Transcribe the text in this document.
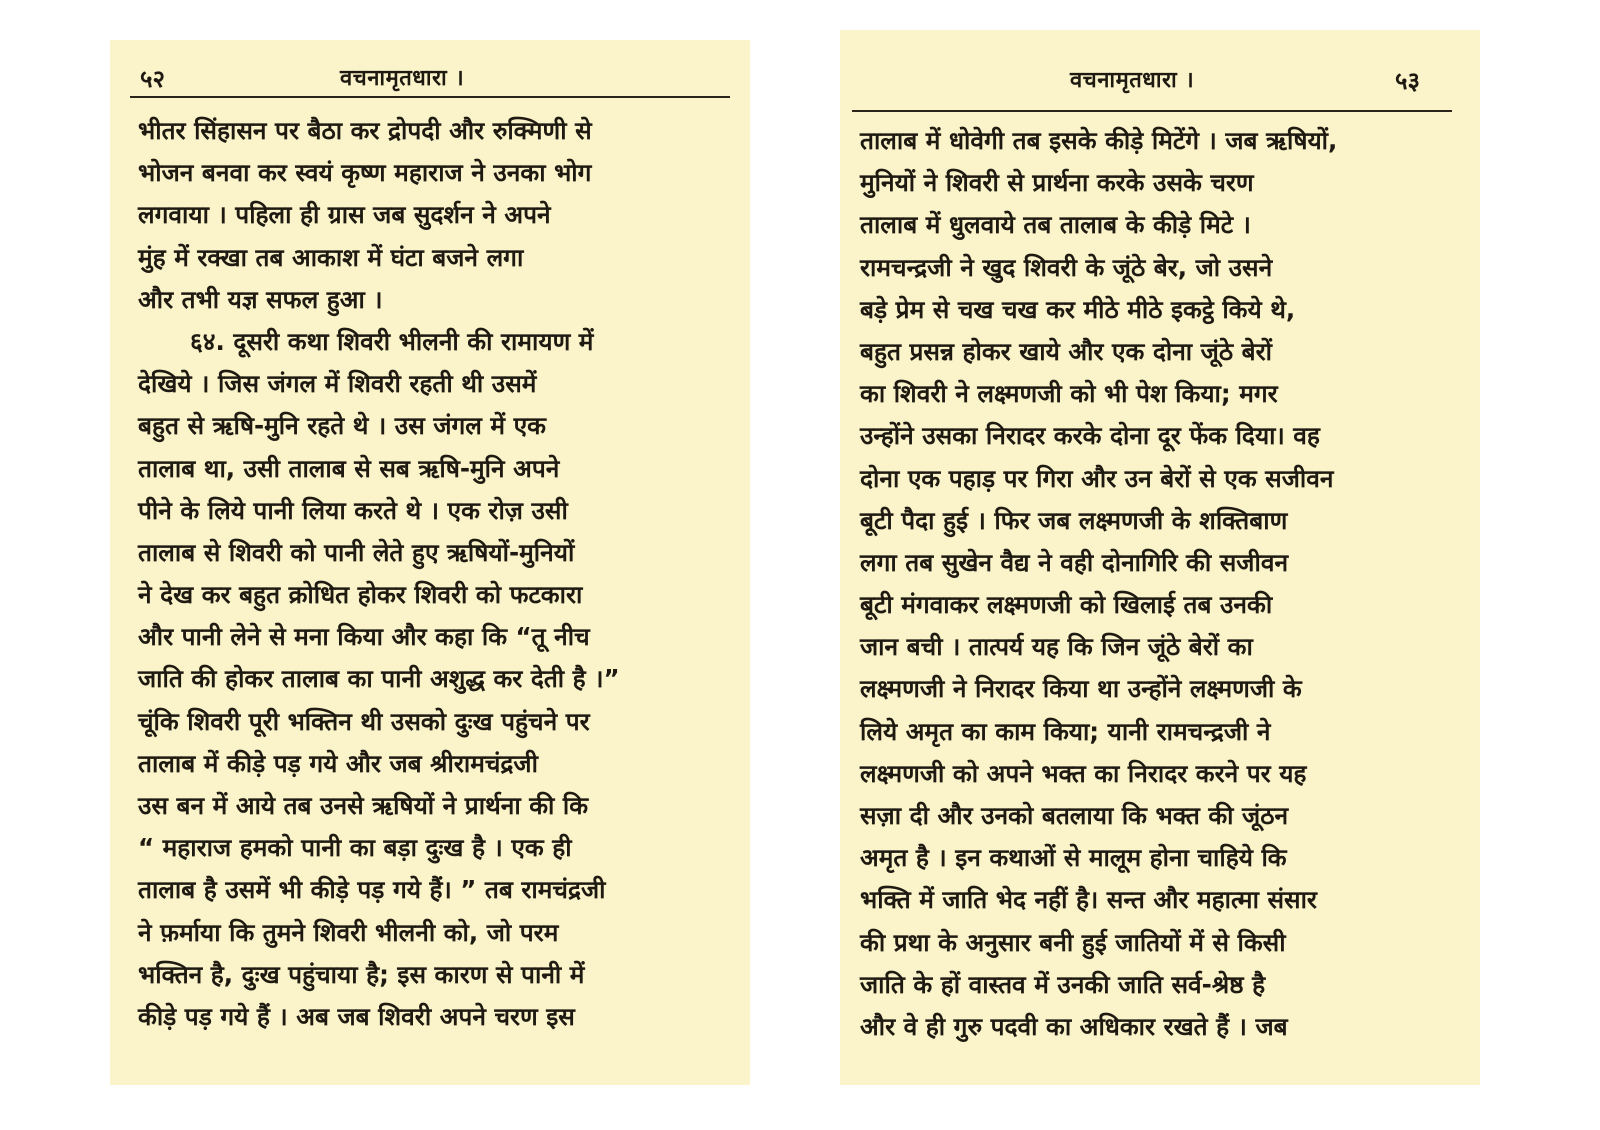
५२	वचनामृतधारा ।
भीतर सिंहासन पर बैठा कर द्रोपदी और रुक्मिणी से
भोजन बनवा कर स्वयं कृष्ण महाराज ने उनका भोग
लगवाया । पहिला ही ग्रास जब सुदर्शन ने अपने
मुंह में रक्खा तब आकाश में घंटा बजने लगा
और तभी यज्ञ सफल हुआ ।
६४. दूसरी कथा शिवरी भीलनी की रामायण में
देखिये । जिस जंगल में शिवरी रहती थी उसमें
बहुत से ऋषि-मुनि रहते थे । उस जंगल में एक
तालाब था, उसी तालाब से सब ऋषि-मुनि अपने
पीने के लिये पानी लिया करते थे । एक रोज़ उसी
तालाब से शिवरी को पानी लेते हुए ऋषियों-मुनियों
ने देख कर बहुत क्रोधित होकर शिवरी को फटकारा
और पानी लेने से मना किया और कहा कि “तू नीच
जाति की होकर तालाब का पानी अशुद्ध कर देती है ।”
चूंकि शिवरी पूरी भक्तिन थी उसको दुःख पहुंचने पर
तालाब में कीड़े पड़ गये और जब श्रीरामचंद्रजी
उस बन में आये तब उनसे ऋषियों ने प्रार्थना की कि
“ महाराज हमको पानी का बड़ा दुःख है । एक ही
तालाब है उसमें भी कीड़े पड़ गये हैं। ” तब रामचंद्रजी
ने फ़र्माया कि तुमने शिवरी भीलनी को, जो परम
भक्तिन है, दुःख पहुंचाया है; इस कारण से पानी में
कीड़े पड़ गये हैं । अब जब शिवरी अपने चरण इस
वचनामृतधारा ।	५३
तालाब में धोवेगी तब इसके कीड़े मिटेंगे । जब ऋषियों,
मुनियों ने शिवरी से प्रार्थना करके उसके चरण
तालाब में धुलवाये तब तालाब के कीड़े मिटे ।
रामचन्द्रजी ने खुद शिवरी के जूंठे बेर, जो उसने
बड़े प्रेम से चख चख कर मीठे मीठे इकट्ठे किये थे,
बहुत प्रसन्न होकर खाये और एक दोना जूंठे बेरों
का शिवरी ने लक्ष्मणजी को भी पेश किया; मगर
उन्होंने उसका निरादर करके दोना दूर फेंक दिया। वह
दोना एक पहाड़ पर गिरा और उन बेरों से एक सजीवन
बूटी पैदा हुई । फिर जब लक्ष्मणजी के शक्तिबाण
लगा तब सुखेन वैद्य ने वही दोनागिरि की सजीवन
बूटी मंगवाकर लक्ष्मणजी को खिलाई तब उनकी
जान बची । तात्पर्य यह कि जिन जूंठे बेरों का
लक्ष्मणजी ने निरादर किया था उन्होंने लक्ष्मणजी के
लिये अमृत का काम किया; यानी रामचन्द्रजी ने
लक्ष्मणजी को अपने भक्त का निरादर करने पर यह
सज़ा दी और उनको बतलाया कि भक्त की जूंठन
अमृत है । इन कथाओं से मालूम होना चाहिये कि
भक्ति में जाति भेद नहीं है। सन्त और महात्मा संसार
की प्रथा के अनुसार बनी हुई जातियों में से किसी
जाति के हों वास्तव में उनकी जाति सर्व-श्रेष्ठ है
और वे ही गुरु पदवी का अधिकार रखते हैं । जब
